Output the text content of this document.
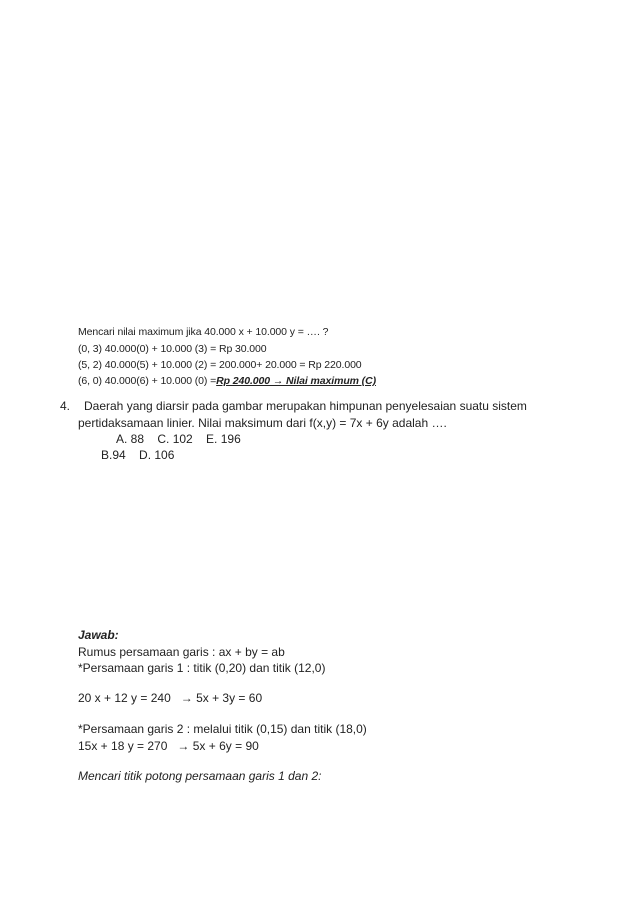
Mencari nilai maximum jika 40.000 x + 10.000 y = …. ?
(0, 3) 40.000(0) + 10.000 (3) = Rp 30.000
(5, 2) 40.000(5) + 10.000 (2) = 200.000+ 20.000 = Rp 220.000
(6, 0) 40.000(6) + 10.000 (0) =Rp 240.000 → Nilai maximum (C)
4. Daerah yang diarsir pada gambar merupakan himpunan penyelesaian suatu sistem
pertidaksamaan linier. Nilai maksimum dari f(x,y) = 7x + 6y adalah ….
A. 88    C. 102    E. 196
B.94    D. 106
Jawab:
Rumus persamaan garis : ax + by = ab
*Persamaan garis 1 : titik (0,20) dan titik (12,0)
20 x + 12 y = 240   → 5x + 3y = 60
*Persamaan garis 2 : melalui titik (0,15) dan titik (18,0)
15x + 18 y = 270   → 5x + 6y = 90
Mencari titik potong persamaan garis 1 dan 2:
